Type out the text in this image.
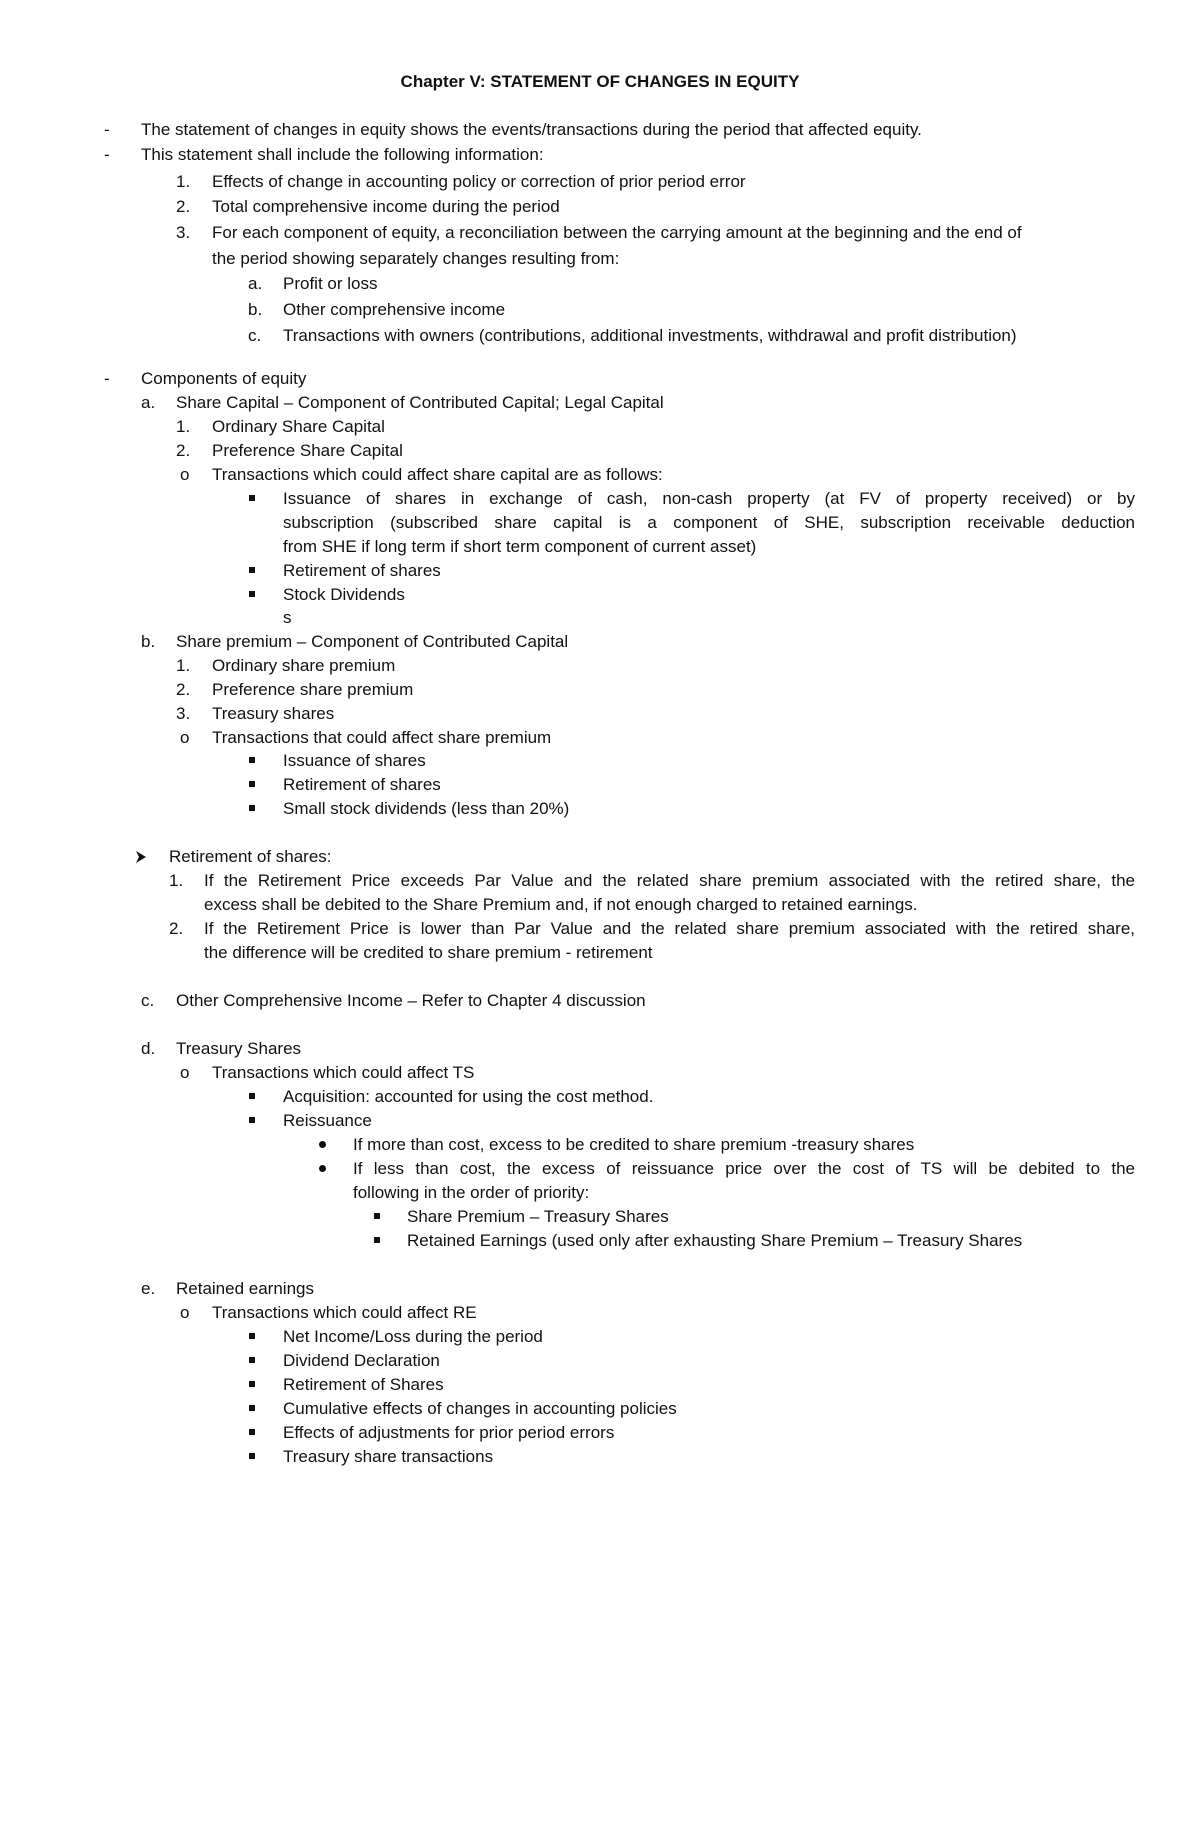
Chapter V: STATEMENT OF CHANGES IN EQUITY
- The statement of changes in equity shows the events/transactions during the period that affected equity.
- This statement shall include the following information:
1. Effects of change in accounting policy or correction of prior period error
2. Total comprehensive income during the period
3. For each component of equity, a reconciliation between the carrying amount at the beginning and the end of
the period showing separately changes resulting from:
a. Profit or loss
b. Other comprehensive income
c. Transactions with owners (contributions, additional investments, withdrawal and profit distribution)
- Components of equity
a. Share Capital – Component of Contributed Capital; Legal Capital
1. Ordinary Share Capital
2. Preference Share Capital
o Transactions which could affect share capital are as follows:
Issuance of shares in exchange of cash, non-cash property (at FV of property received) or by
subscription (subscribed share capital is a component of SHE, subscription receivable deduction
from SHE if long term if short term component of current asset)
Retirement of shares
Stock Dividends
s
b. Share premium – Component of Contributed Capital
1. Ordinary share premium
2. Preference share premium
3. Treasury shares
o Transactions that could affect share premium
Issuance of shares
Retirement of shares
Small stock dividends (less than 20%)
Retirement of shares:
1. If the Retirement Price exceeds Par Value and the related share premium associated with the retired share, the
excess shall be debited to the Share Premium and, if not enough charged to retained earnings.
2. If the Retirement Price is lower than Par Value and the related share premium associated with the retired share,
the difference will be credited to share premium - retirement
c. Other Comprehensive Income – Refer to Chapter 4 discussion
d. Treasury Shares
o Transactions which could affect TS
Acquisition: accounted for using the cost method.
Reissuance
If more than cost, excess to be credited to share premium -treasury shares
If less than cost, the excess of reissuance price over the cost of TS will be debited to the
following in the order of priority:
Share Premium – Treasury Shares
Retained Earnings (used only after exhausting Share Premium – Treasury Shares
e. Retained earnings
o Transactions which could affect RE
Net Income/Loss during the period
Dividend Declaration
Retirement of Shares
Cumulative effects of changes in accounting policies
Effects of adjustments for prior period errors
Treasury share transactions
